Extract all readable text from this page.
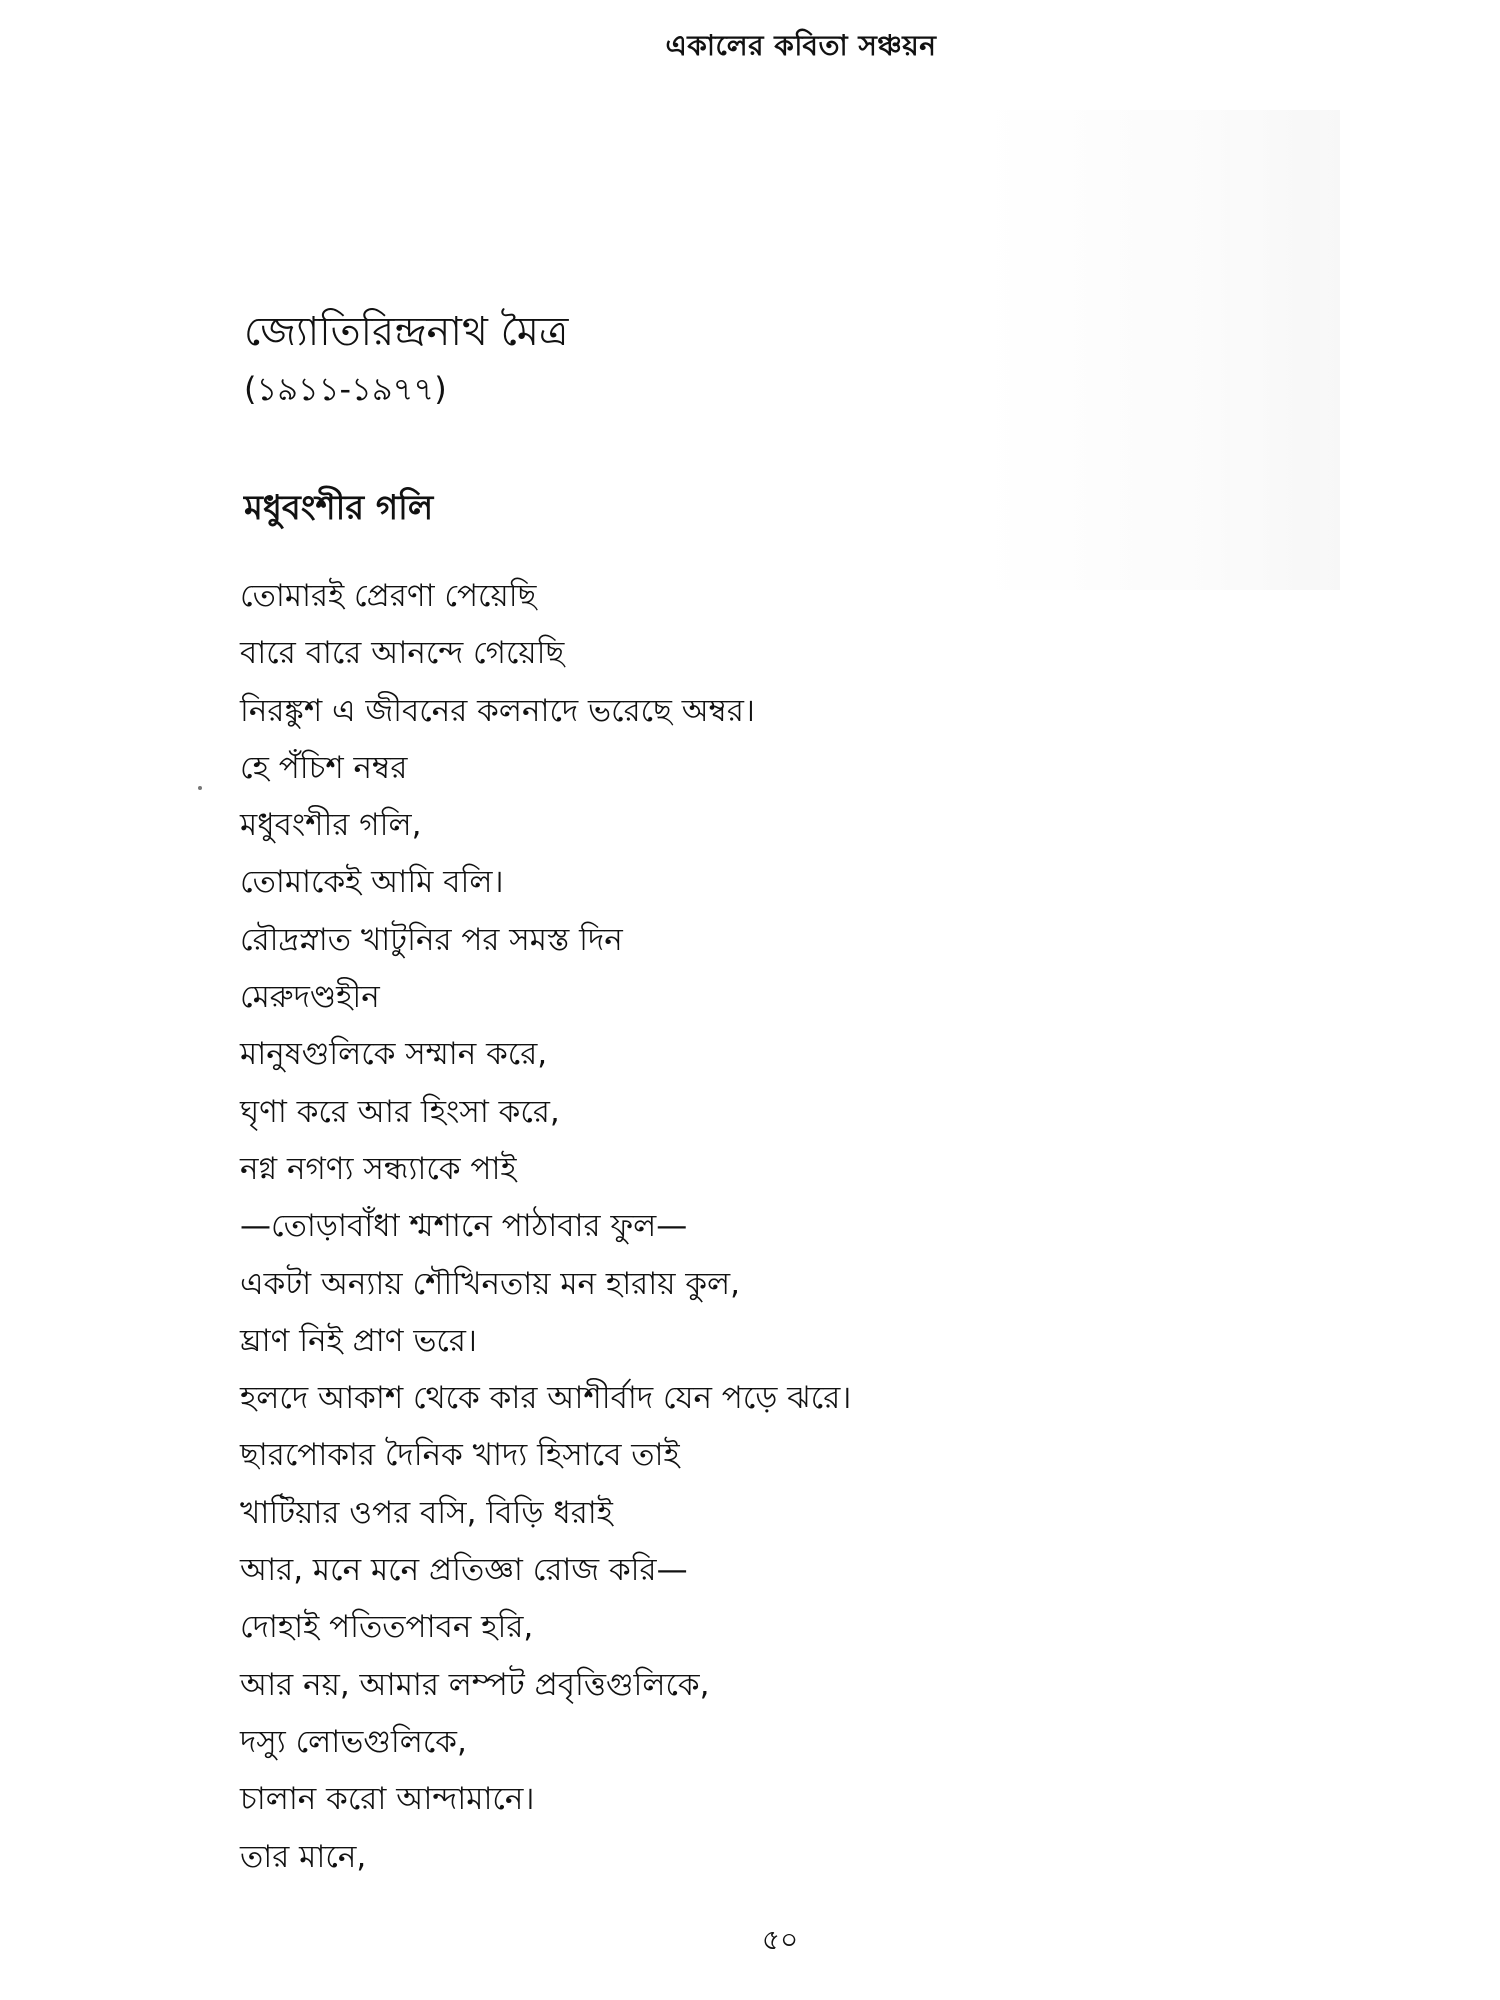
একালের কবিতা সঞ্চয়ন
জ্যোতিরিন্দ্রনাথ মৈত্র
(১৯১১-১৯৭৭)
মধুবংশীর গলি
তোমারই প্রেরণা পেয়েছি
বারে বারে আনন্দে গেয়েছি
নিরঙ্কুশ এ জীবনের কলনাদে ভরেছে অম্বর।
হে পঁচিশ নম্বর
মধুবংশীর গলি,
তোমাকেই আমি বলি।
রৌদ্রস্নাত খাটুনির পর সমস্ত দিন
মেরুদণ্ডহীন
মানুষগুলিকে সম্মান করে,
ঘৃণা করে আর হিংসা করে,
নগ্ন নগণ্য সন্ধ্যাকে পাই
—তোড়াবাঁধা শ্মশানে পাঠাবার ফুল—
একটা অন্যায় শৌখিনতায় মন হারায় কুল,
ঘ্রাণ নিই প্রাণ ভরে।
হলদে আকাশ থেকে কার আশীর্বাদ যেন পড়ে ঝরে।
ছারপোকার দৈনিক খাদ্য হিসাবে তাই
খাটিয়ার ওপর বসি, বিড়ি ধরাই
আর, মনে মনে প্রতিজ্ঞা রোজ করি—
দোহাই পতিতপাবন হরি,
আর নয়, আমার লম্পট প্রবৃত্তিগুলিকে,
দস্যু লোভগুলিকে,
চালান করো আন্দামানে।
তার মানে,
৫০
